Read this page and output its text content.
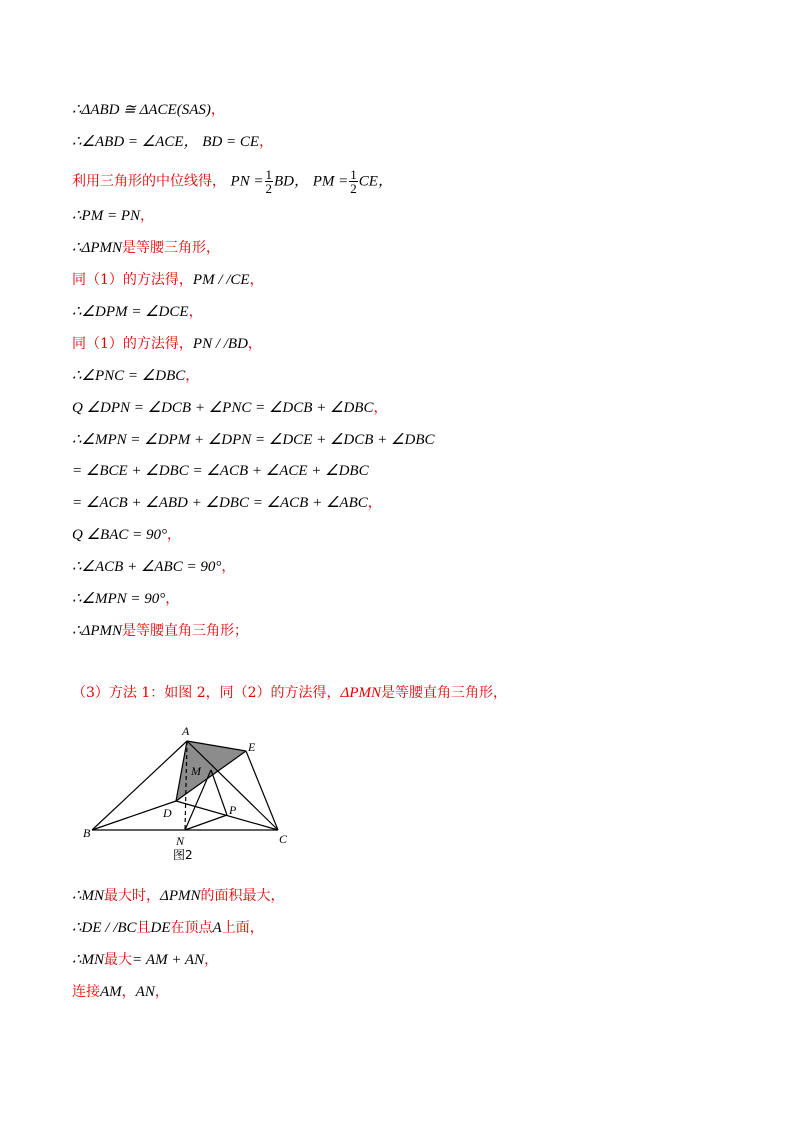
∴ΔABD ≅ ΔACE(SAS)，
∴∠ABD = ∠ACE， BD = CE，
利用三角形的中位线得， PN = $\frac{1}{2}$ BD， PM = $\frac{1}{2}$ CE，
∴PM = PN，
∴ΔPMN是等腰三角形，
同（1）的方法得，PM / /CE，
∴∠DPM = ∠DCE，
同（1）的方法得，PN / /BD，
∴∠PNC = ∠DBC，
Q ∠DPN = ∠DCB + ∠PNC = ∠DCB + ∠DBC，
∴∠MPN = ∠DPM + ∠DPN = ∠DCE + ∠DCB + ∠DBC
= ∠BCE + ∠DBC = ∠ACB + ∠ACE + ∠DBC
= ∠ACB + ∠ABD + ∠DBC = ∠ACB + ∠ABC，
Q ∠BAC = 90°，
∴∠ACB + ∠ABC = 90°，
∴∠MPN = 90°，
∴ΔPMN是等腰直角三角形；
（3）方法 1：如图 2，同（2）的方法得，ΔPMN是等腰直角三角形，
A
B	C
D
E
M
N
P
图2
∴MN最大时，ΔPMN的面积最大，
∴DE / /BC且DE在顶点A上面，
∴MN最大= AM + AN，
连接AM，AN，
